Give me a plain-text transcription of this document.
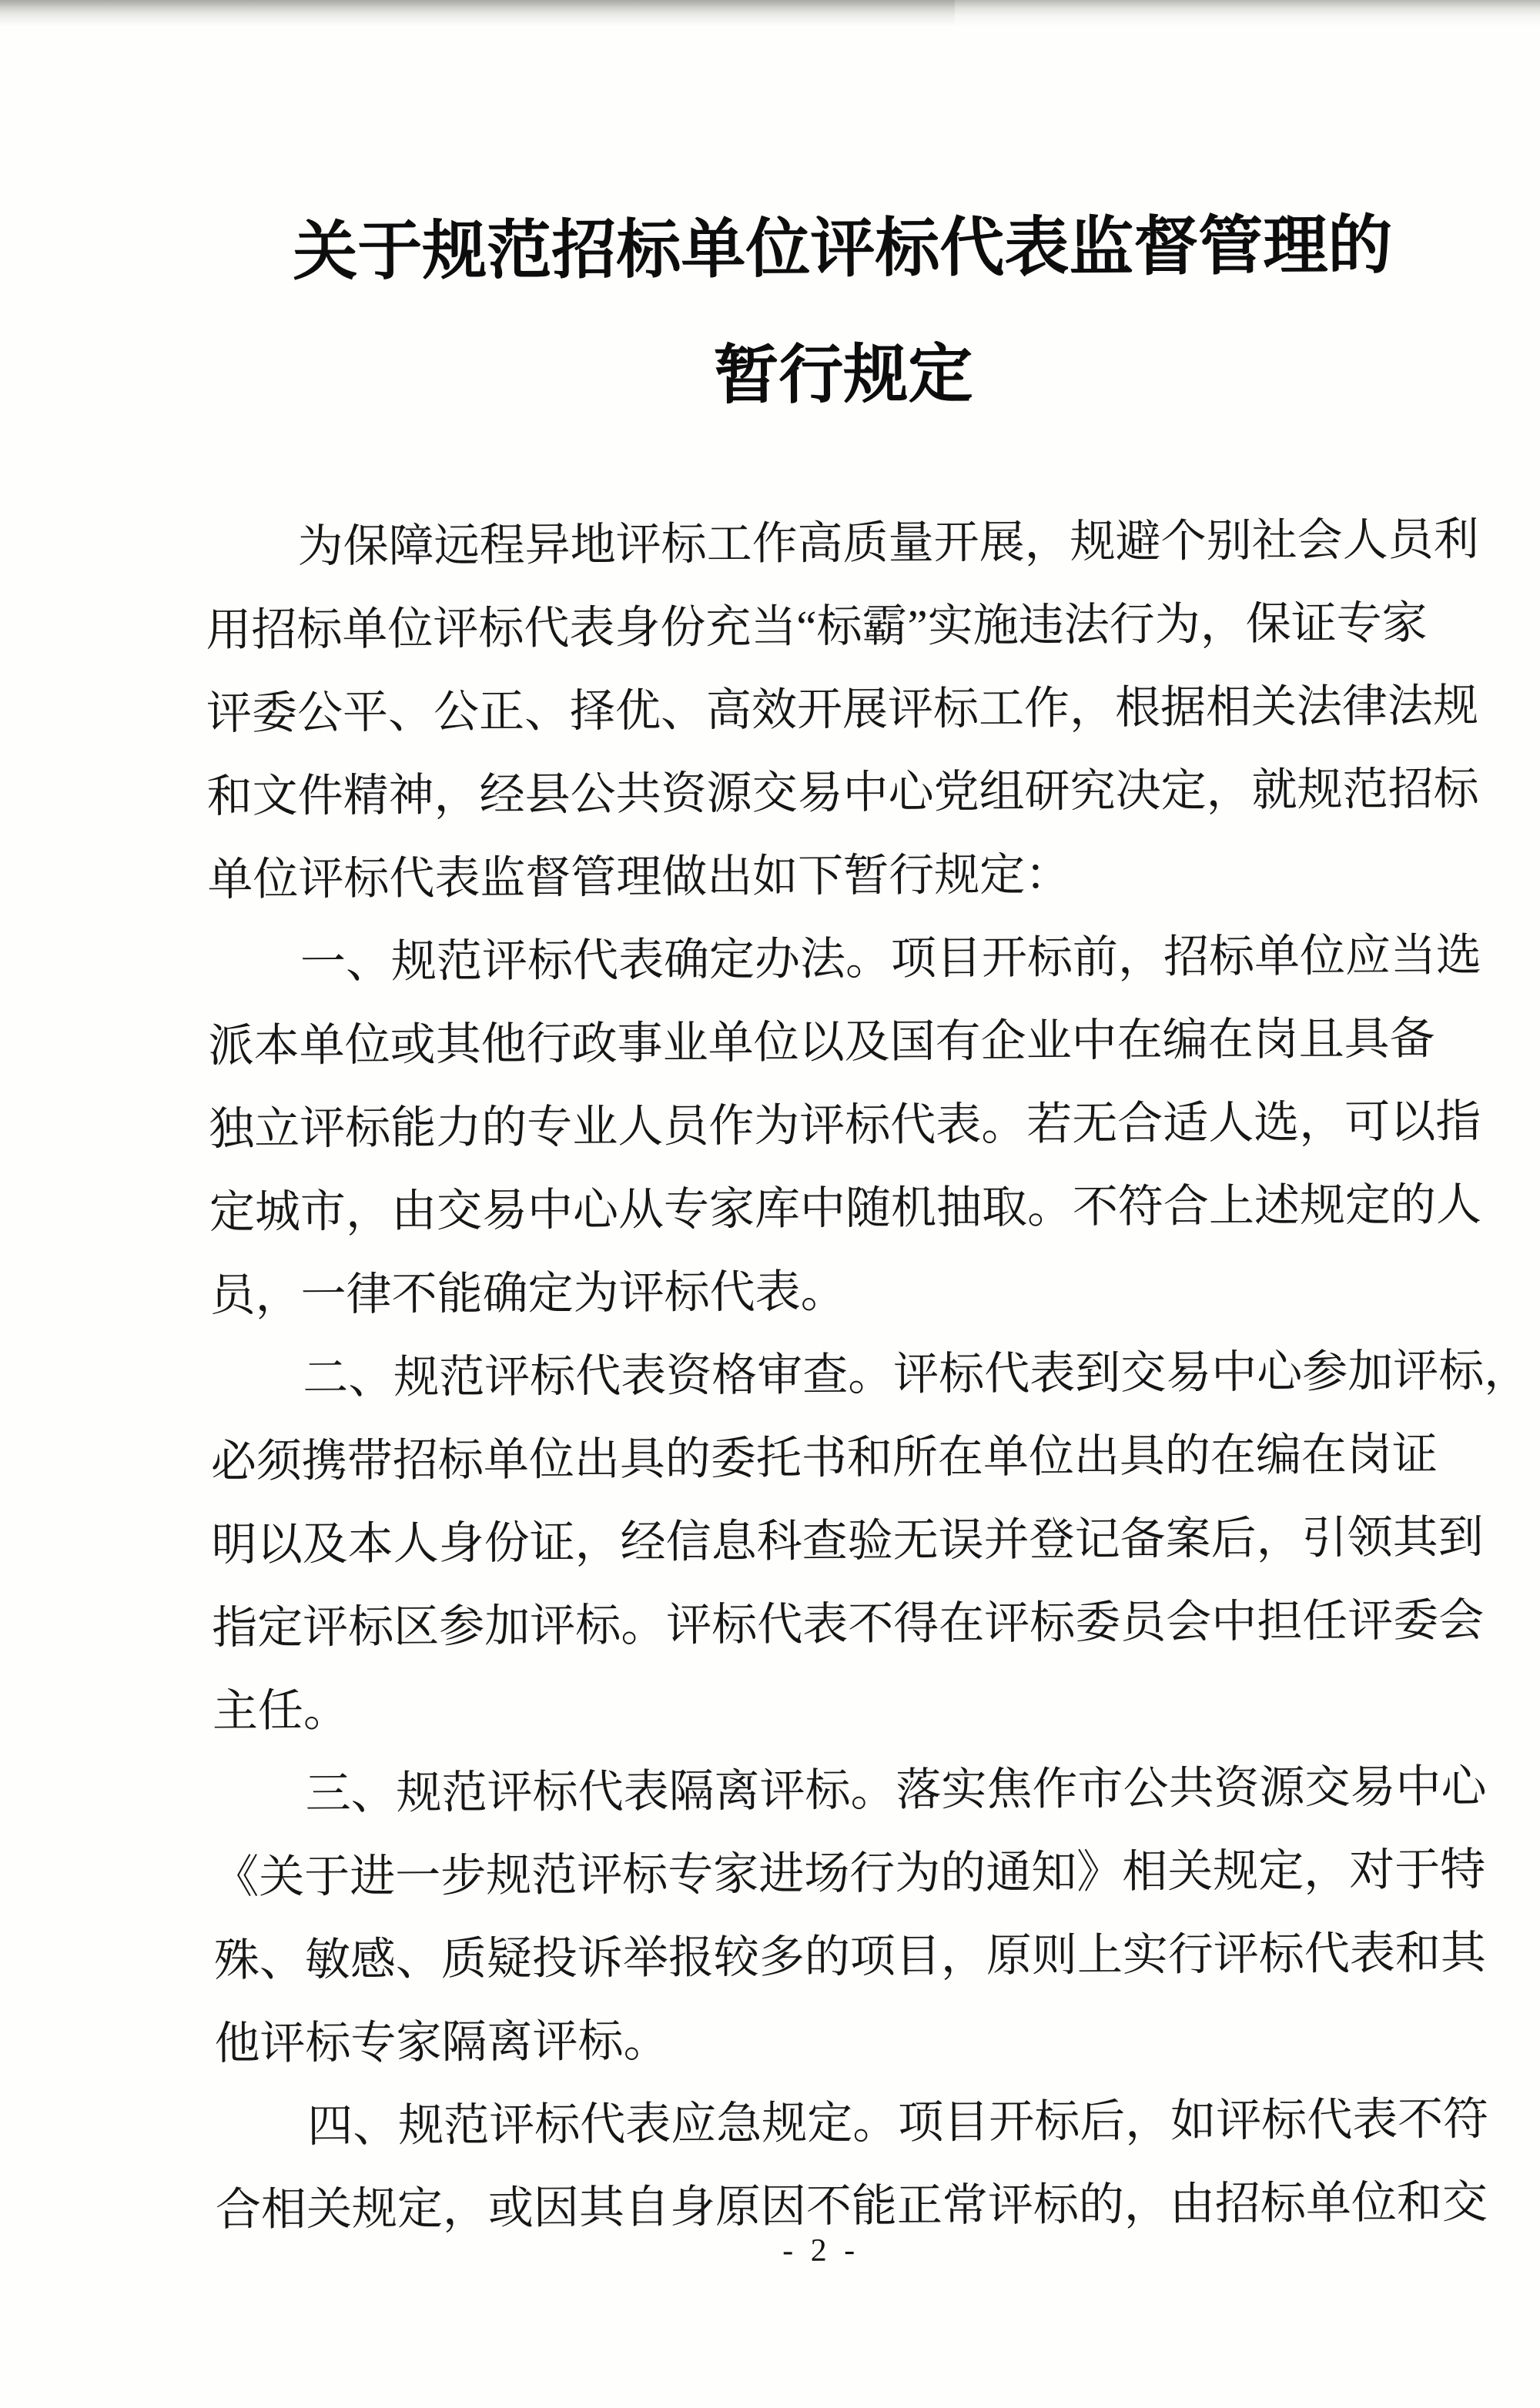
关于规范招标单位评标代表监督管理的
暂行规定
为保障远程异地评标工作高质量开展，规避个别社会人员利
用招标单位评标代表身份充当“标霸”实施违法行为，保证专家
评委公平、公正、择优、高效开展评标工作，根据相关法律法规
和文件精神，经县公共资源交易中心党组研究决定，就规范招标
单位评标代表监督管理做出如下暂行规定：
一、规范评标代表确定办法。项目开标前，招标单位应当选
派本单位或其他行政事业单位以及国有企业中在编在岗且具备
独立评标能力的专业人员作为评标代表。若无合适人选，可以指
定城市，由交易中心从专家库中随机抽取。不符合上述规定的人
员，一律不能确定为评标代表。
二、规范评标代表资格审查。评标代表到交易中心参加评标，
必须携带招标单位出具的委托书和所在单位出具的在编在岗证
明以及本人身份证，经信息科查验无误并登记备案后，引领其到
指定评标区参加评标。评标代表不得在评标委员会中担任评委会
主任。
三、规范评标代表隔离评标。落实焦作市公共资源交易中心
《关于进一步规范评标专家进场行为的通知》相关规定，对于特
殊、敏感、质疑投诉举报较多的项目，原则上实行评标代表和其
他评标专家隔离评标。
四、规范评标代表应急规定。项目开标后，如评标代表不符
合相关规定，或因其自身原因不能正常评标的，由招标单位和交
- 2 -
